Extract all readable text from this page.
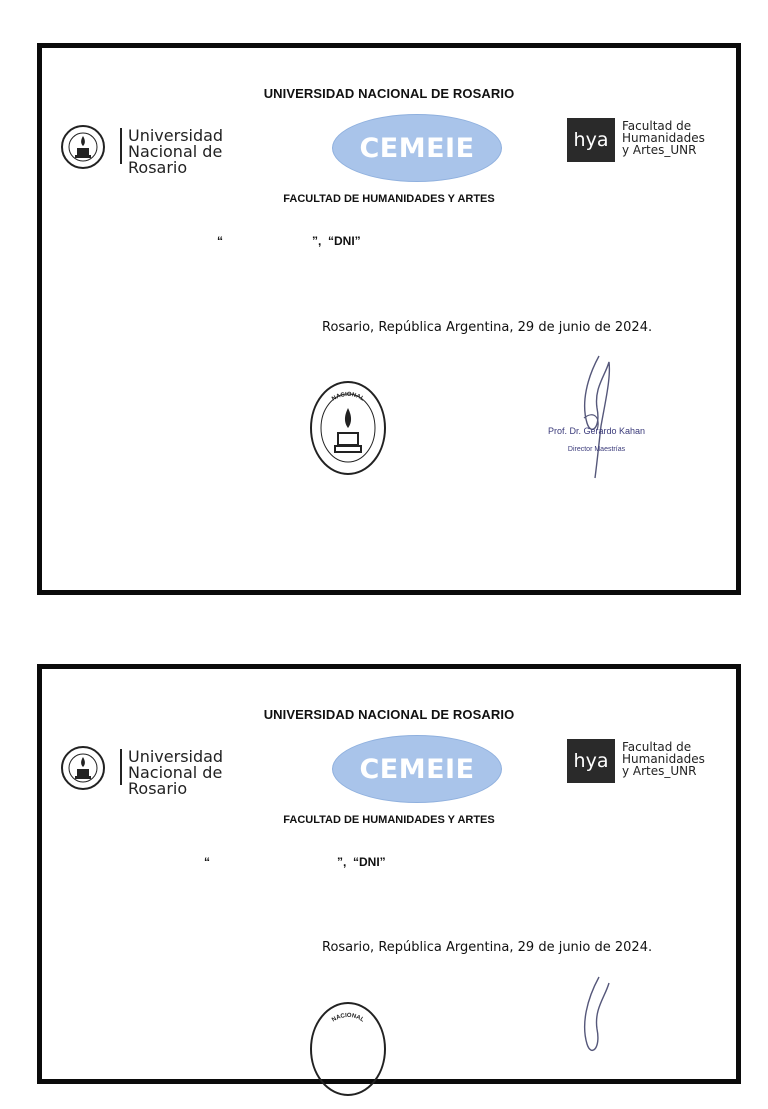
UNIVERSIDAD NACIONAL DE ROSARIO
Universidad
Nacional de Rosario
CEMEIE	hya
Facultad de
Humanidades
y Artes_UNR
FACULTAD DE HUMANIDADES Y ARTES
“	”, “DNI”
Rosario, República Argentina, 29 de junio de 2024.
NACIONAL
Prof. Dr. Gerardo Kahan
Director Maestrías
UNIVERSIDAD NACIONAL DE ROSARIO
Universidad
Nacional de Rosario
CEMEIE	hya
Facultad de
Humanidades
y Artes_UNR
FACULTAD DE HUMANIDADES Y ARTES
“	”, “DNI”
Rosario, República Argentina, 29 de junio de 2024.
NACIONAL
